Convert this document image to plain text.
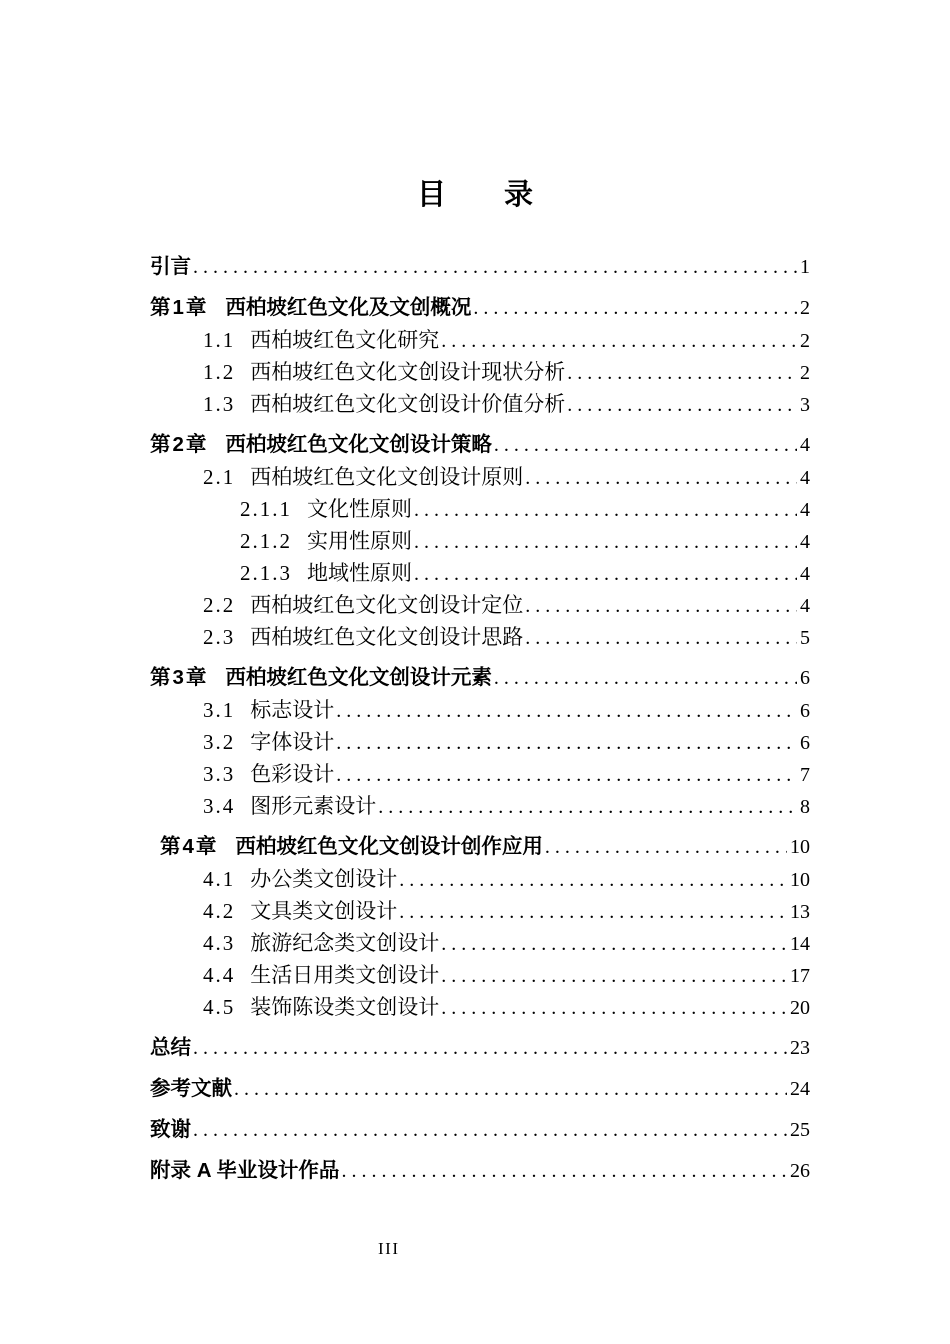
目　　录
引言 .....	1
第1章 西柏坡红色文化及文创概况 .....	2
1.1 西柏坡红色文化研究 .....	2
1.2 西柏坡红色文化文创设计现状分析 .....	2
1.3 西柏坡红色文化文创设计价值分析 .....	3
第2章 西柏坡红色文化文创设计策略 .....	4
2.1 西柏坡红色文化文创设计原则 .....	4
2.1.1 文化性原则 .....	4
2.1.2 实用性原则 .....	4
2.1.3 地域性原则 .....	4
2.2 西柏坡红色文化文创设计定位 .....	4
2.3 西柏坡红色文化文创设计思路 .....	5
第3章 西柏坡红色文化文创设计元素 .....	6
3.1 标志设计 .....	6
3.2 字体设计 .....	6
3.3 色彩设计 .....	7
3.4 图形元素设计 .....	8
第4章 西柏坡红色文化文创设计创作应用 .....	10
4.1 办公类文创设计 .....	10
4.2 文具类文创设计 .....	13
4.3 旅游纪念类文创设计 .....	14
4.4 生活日用类文创设计 .....	17
4.5 装饰陈设类文创设计 .....	20
总结 .....	23
参考文献 .....	24
致谢 .....	25
附录 A 毕业设计作品 .....	26
III
